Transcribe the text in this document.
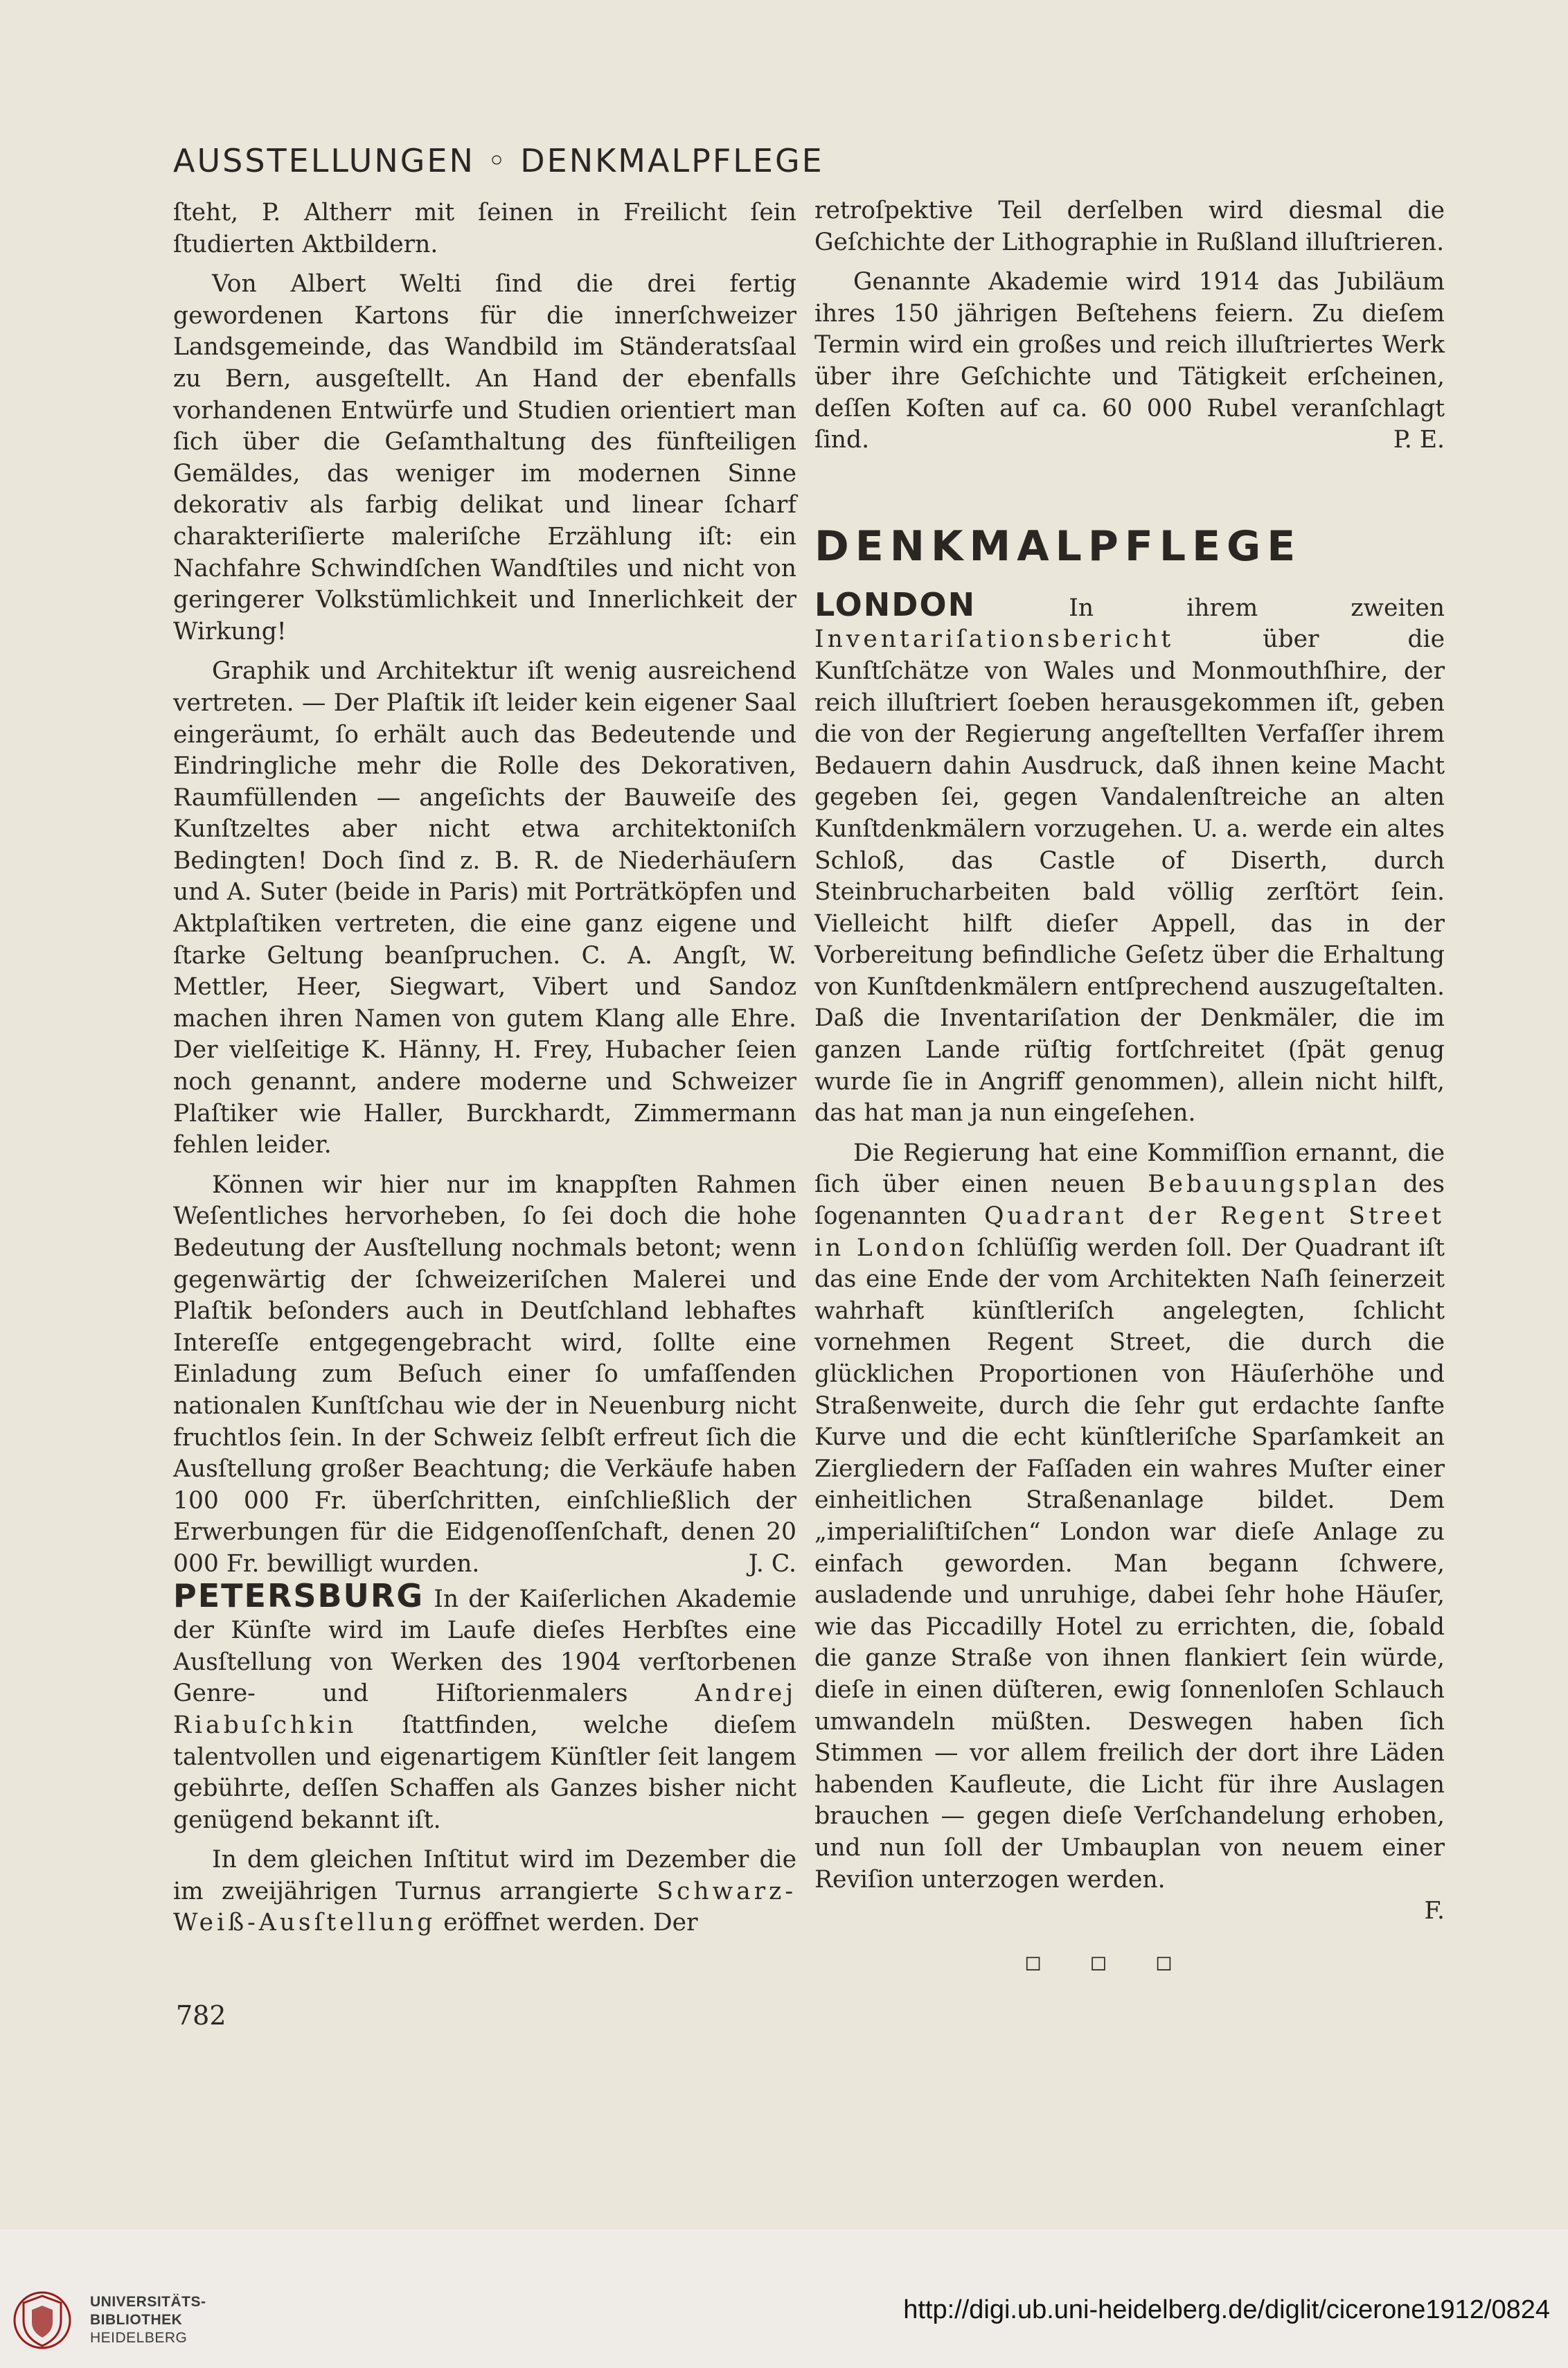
AUSSTELLUNGEN ◦ DENKMALPFLEGE

ſteht, P. Altherr mit ſeinen in Freilicht ſein ſtudierten Aktbildern.

Von Albert Welti ſind die drei fertig gewordenen Kartons für die innerſchweizer Landsgemeinde, das Wandbild im Ständeratsſaal zu Bern, ausgeſtellt. An Hand der ebenfalls vorhandenen Entwürfe und Studien orientiert man ſich über die Geſamthaltung des fünfteiligen Gemäldes, das weniger im modernen Sinne dekorativ als farbig delikat und linear ſcharf charakteriſierte maleriſche Erzählung iſt: ein Nachfahre Schwindſchen Wandſtiles und nicht von geringerer Volkstümlichkeit und Innerlichkeit der Wirkung!

Graphik und Architektur iſt wenig ausreichend vertreten. — Der Plaſtik iſt leider kein eigener Saal eingeräumt, ſo erhält auch das Bedeutende und Eindringliche mehr die Rolle des Dekorativen, Raumfüllenden — angeſichts der Bauweiſe des Kunſtzeltes aber nicht etwa architektoniſch Bedingten! Doch ſind z. B. R. de Niederhäuſern und A. Suter (beide in Paris) mit Porträtköpfen und Aktplaſtiken vertreten, die eine ganz eigene und ſtarke Geltung beanſpruchen. C. A. Angſt, W. Mettler, Heer, Siegwart, Vibert und Sandoz machen ihren Namen von gutem Klang alle Ehre. Der vielſeitige K. Hänny, H. Frey, Hubacher ſeien noch genannt, andere moderne und Schweizer Plaſtiker wie Haller, Burckhardt, Zimmermann fehlen leider.

Können wir hier nur im knappſten Rahmen Weſentliches hervorheben, ſo ſei doch die hohe Bedeutung der Ausſtellung nochmals betont; wenn gegenwärtig der ſchweizeriſchen Malerei und Plaſtik beſonders auch in Deutſchland lebhaftes Intereſſe entgegengebracht wird, ſollte eine Einladung zum Beſuch einer ſo umfaſſenden nationalen Kunſtſchau wie der in Neuenburg nicht fruchtlos ſein. In der Schweiz ſelbſt erfreut ſich die Ausſtellung großer Beachtung; die Verkäufe haben 100 000 Fr. überſchritten, einſchließlich der Erwerbungen für die Eidgenoſſenſchaft, denen 20 000 Fr. bewilligt wurden.	J. C.

PETERSBURG In der Kaiſerlichen Akademie der Künſte wird im Laufe dieſes Herbſtes eine Ausſtellung von Werken des 1904 verſtorbenen Genre- und Hiſtorienmalers	Andrej Riabuſchkin ſtattfinden, welche dieſem talentvollen und eigenartigem Künſtler ſeit langem gebührte, deſſen Schaffen als Ganzes bisher nicht genügend bekannt iſt.

In dem gleichen Inſtitut wird im Dezember die im zweijährigen Turnus arrangierte Schwarz-Weiß-Ausſtellung eröffnet werden. Der

retroſpektive Teil derſelben wird diesmal die Geſchichte der Lithographie in Rußland illuſtrieren.

Genannte Akademie wird 1914 das Jubiläum ihres 150 jährigen Beſtehens feiern. Zu dieſem Termin wird ein großes und reich illuſtriertes Werk über ihre Geſchichte und Tätigkeit erſcheinen, deſſen Koſten auf ca. 60 000 Rubel veranſchlagt ſind.	P. E.

DENKMALPFLEGE

LONDON	In ihrem zweiten Inventariſationsbericht	über die Kunſtſchätze von Wales und Monmouthſhire, der reich illuſtriert ſoeben herausgekommen iſt, geben die von der Regierung angeſtellten Verfaſſer ihrem Bedauern dahin Ausdruck, daß ihnen keine Macht gegeben ſei, gegen Vandalenſtreiche an alten Kunſtdenkmälern vorzugehen. U. a. werde ein altes Schloß, das Castle of Diserth, durch Steinbrucharbeiten bald völlig zerſtört ſein. Vielleicht hilft dieſer Appell, das in der Vorbereitung befindliche Geſetz über die Erhaltung von Kunſtdenkmälern entſprechend auszugeſtalten. Daß die Inventariſation der Denkmäler, die im ganzen Lande rüſtig fortſchreitet (ſpät genug wurde ſie in Angriff genommen), allein nicht hilft, das hat man ja nun eingeſehen.

Die Regierung hat eine Kommiſſion ernannt, die ſich über einen neuen Bebauungsplan des ſogenannten Quadrant der Regent Street in London ſchlüſſig werden ſoll. Der Quadrant iſt das eine Ende der vom Architekten Naſh ſeinerzeit wahrhaft künſtleriſch angelegten, ſchlicht vornehmen Regent Street, die durch die glücklichen Proportionen von Häuſerhöhe und Straßenweite, durch die ſehr gut erdachte ſanfte Kurve und die echt künſtleriſche Sparſamkeit an Ziergliedern der Faſſaden ein wahres Muſter einer einheitlichen Straßenanlage bildet. Dem „imperialiſtiſchen“ London war dieſe Anlage zu einfach geworden. Man begann ſchwere, ausladende und unruhige, dabei ſehr hohe Häuſer, wie das Piccadilly Hotel zu errichten, die, ſobald die ganze Straße von ihnen flankiert ſein würde, dieſe in einen düſteren, ewig ſonnenloſen Schlauch umwandeln müßten. Deswegen haben ſich Stimmen — vor allem freilich der dort ihre Läden habenden Kaufleute, die Licht für ihre Auslagen brauchen — gegen dieſe Verſchandelung erhoben, und nun ſoll der Umbauplan von neuem einer Reviſion unterzogen werden.

F.

◻ ◻ ◻
782
UNIVERSITÄTS-
BIBLIOTHEK
HEIDELBERG
http://digi.ub.uni-heidelberg.de/diglit/cicerone1912/0824
